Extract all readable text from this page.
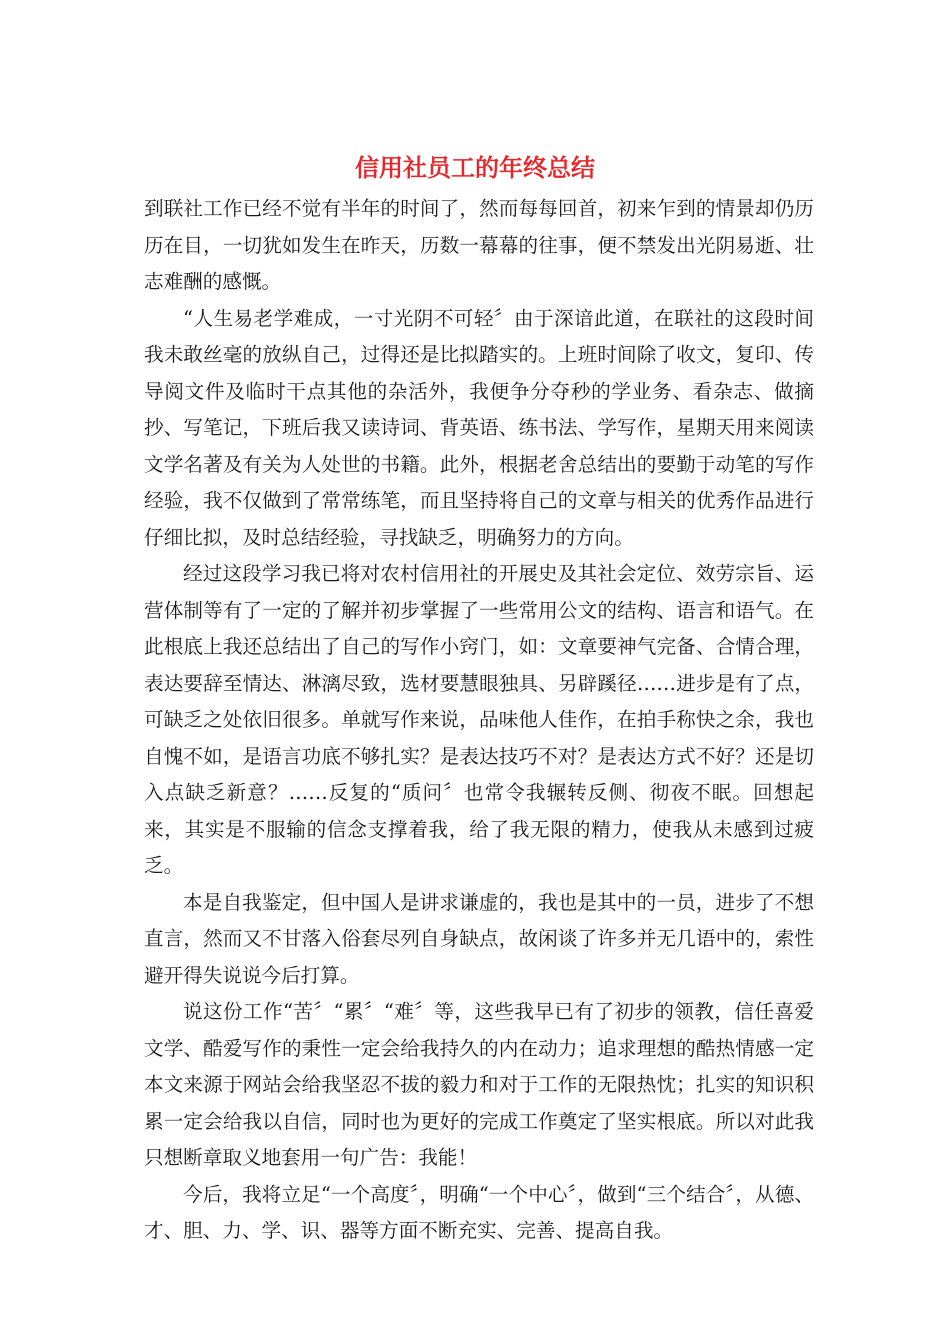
信用社员工的年终总结

到联社工作已经不觉有半年的时间了，然而每每回首，初来乍到的情景却仍历历在目，一切犹如发生在昨天，历数一幕幕的往事，便不禁发出光阴易逝、壮志难酬的感慨。

“人生易老学难成，一寸光阴不可轻〞由于深谙此道，在联社的这段时间我未敢丝毫的放纵自己，过得还是比拟踏实的。上班时间除了收文，复印、传导阅文件及临时干点其他的杂活外，我便争分夺秒的学业务、看杂志、做摘抄、写笔记，下班后我又读诗词、背英语、练书法、学写作，星期天用来阅读文学名著及有关为人处世的书籍。此外，根据老舍总结出的要勤于动笔的写作经验，我不仅做到了常常练笔，而且坚持将自己的文章与相关的优秀作品进行仔细比拟，及时总结经验，寻找缺乏，明确努力的方向。

经过这段学习我已将对农村信用社的开展史及其社会定位、效劳宗旨、运营体制等有了一定的了解并初步掌握了一些常用公文的结构、语言和语气。在此根底上我还总结出了自己的写作小窍门，如：文章要神气完备、合情合理，表达要辞至情达、淋漓尽致，选材要慧眼独具、另辟蹊径……进步是有了点，可缺乏之处依旧很多。单就写作来说，品味他人佳作，在拍手称快之余，我也自愧不如，是语言功底不够扎实？是表达技巧不对？是表达方式不好？还是切入点缺乏新意？……反复的“质问〞也常令我辗转反侧、彻夜不眠。回想起来，其实是不服输的信念支撑着我，给了我无限的精力，使我从未感到过疲乏。

本是自我鉴定，但中国人是讲求谦虚的，我也是其中的一员，进步了不想直言，然而又不甘落入俗套尽列自身缺点，故闲谈了许多并无几语中的，索性避开得失说说今后打算。

说这份工作“苦〞“累〞“难〞等，这些我早已有了初步的领教，信任喜爱文学、酷爱写作的秉性一定会给我持久的内在动力；追求理想的酷热情感一定本文来源于网站会给我坚忍不拔的毅力和对于工作的无限热忱；扎实的知识积累一定会给我以自信，同时也为更好的完成工作奠定了坚实根底。所以对此我只想断章取义地套用一句广告：我能！

今后，我将立足“一个高度〞，明确“一个中心〞，做到“三个结合〞，从德、才、胆、力、学、识、器等方面不断充实、完善、提高自我。
